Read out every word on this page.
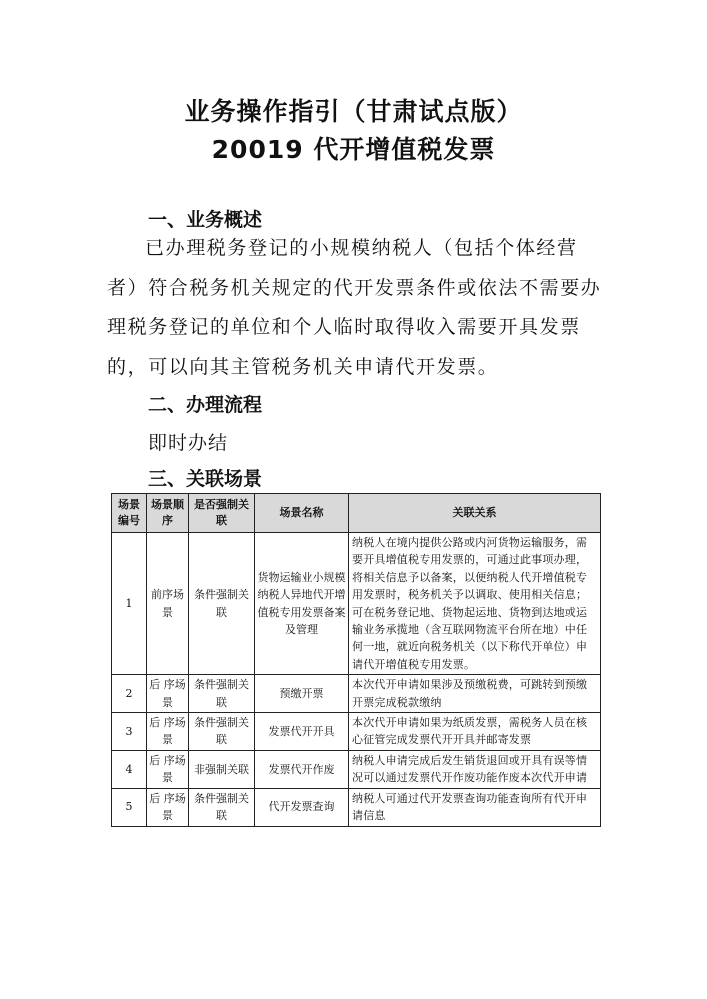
业务操作指引（甘肃试点版）
20019 代开增值税发票
一、业务概述
已办理税务登记的小规模纳税人（包括个体经营者）符合税务机关规定的代开发票条件或依法不需要办理税务登记的单位和个人临时取得收入需要开具发票的，可以向其主管税务机关申请代开发票。
二、办理流程
即时办结
三、关联场景
场景编号	场景顺序	是否强制关联	场景名称	关联关系
1	前序场景	条件强制关联	货物运输业小规模纳税人异地代开增值税专用发票备案及管理	纳税人在境内提供公路或内河货物运输服务，需要开具增值税专用发票的，可通过此事项办理，将相关信息予以备案，以便纳税人代开增值税专用发票时，税务机关予以调取、使用相关信息；可在税务登记地、货物起运地、货物到达地或运输业务承揽地（含互联网物流平台所在地）中任何一地，就近向税务机关（以下称代开单位）申请代开增值税专用发票。
2	后 序场景	条件强制关联	预缴开票	本次代开申请如果涉及预缴税费，可跳转到预缴开票完成税款缴纳
3	后 序场景	条件强制关联	发票代开开具	本次代开申请如果为纸质发票，需税务人员在核心征管完成发票代开开具并邮寄发票
4	后 序场景	非强制关联	发票代开作废	纳税人申请完成后发生销货退回或开具有误等情况可以通过发票代开作废功能作废本次代开申请
5	后 序场景	条件强制关联	代开发票查询	纳税人可通过代开发票查询功能查询所有代开申请信息
